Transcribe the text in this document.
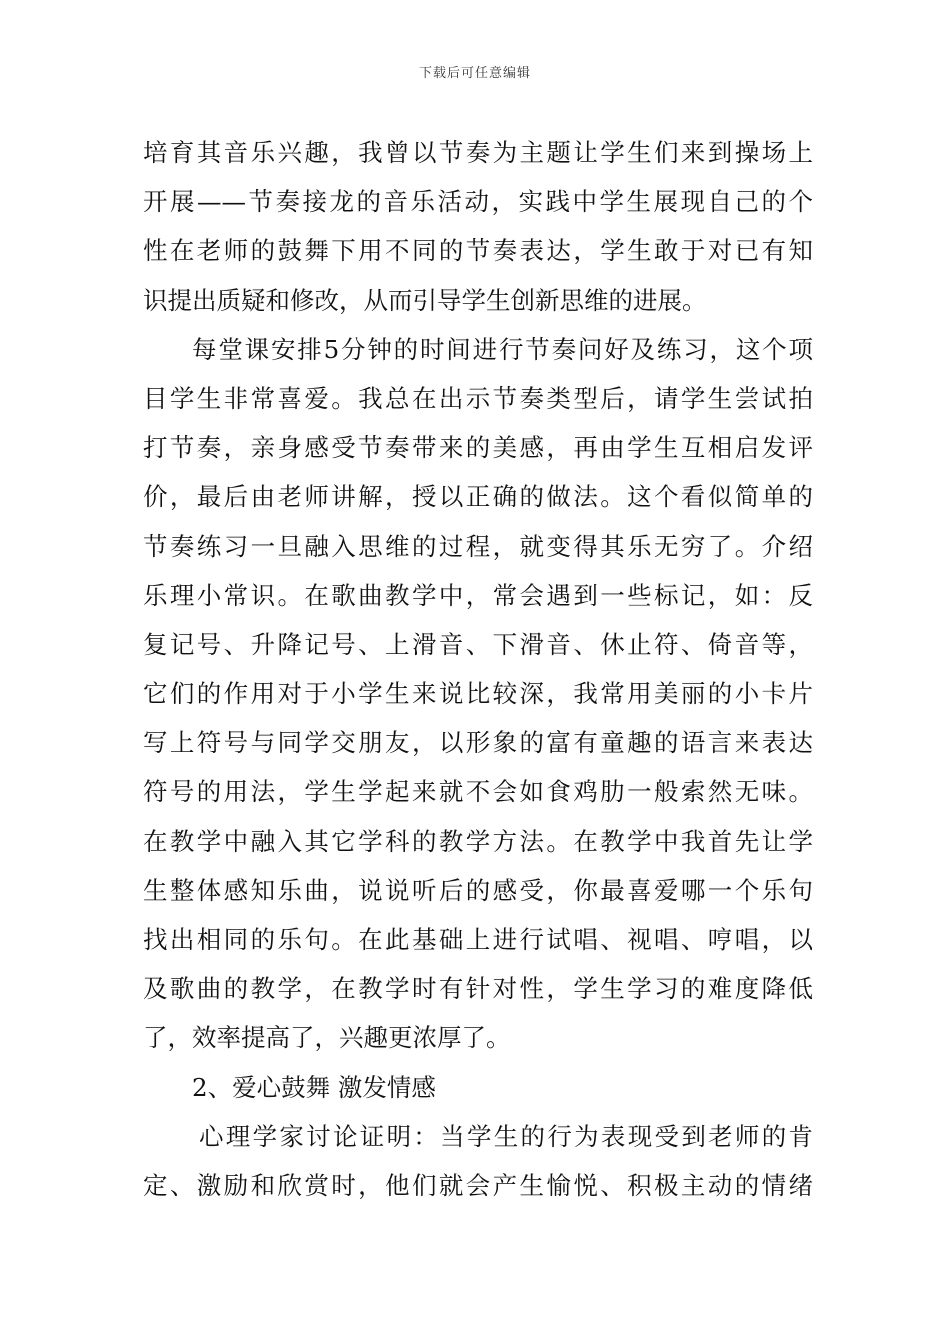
下载后可任意编辑

培育其音乐兴趣，我曾以节奏为主题让学生们来到操场上
开展——节奏接龙的音乐活动，实践中学生展现自己的个
性在老师的鼓舞下用不同的节奏表达，学生敢于对已有知
识提出质疑和修改，从而引导学生创新思维的进展。

每堂课安排5分钟的时间进行节奏问好及练习，这个项
目学生非常喜爱。我总在出示节奏类型后，请学生尝试拍
打节奏，亲身感受节奏带来的美感，再由学生互相启发评
价，最后由老师讲解，授以正确的做法。这个看似简单的
节奏练习一旦融入思维的过程，就变得其乐无穷了。介绍
乐理小常识。在歌曲教学中，常会遇到一些标记，如：反
复记号、升降记号、上滑音、下滑音、休止符、倚音等，
它们的作用对于小学生来说比较深，我常用美丽的小卡片
写上符号与同学交朋友，以形象的富有童趣的语言来表达
符号的用法，学生学起来就不会如食鸡肋一般索然无味。
在教学中融入其它学科的教学方法。在教学中我首先让学
生整体感知乐曲，说说听后的感受，你最喜爱哪一个乐句
找出相同的乐句。在此基础上进行试唱、视唱、哼唱，以
及歌曲的教学，在教学时有针对性，学生学习的难度降低
了，效率提高了，兴趣更浓厚了。

2、爱心鼓舞 激发情感

心理学家讨论证明：当学生的行为表现受到老师的肯
定、激励和欣赏时，他们就会产生愉悦、积极主动的情绪
